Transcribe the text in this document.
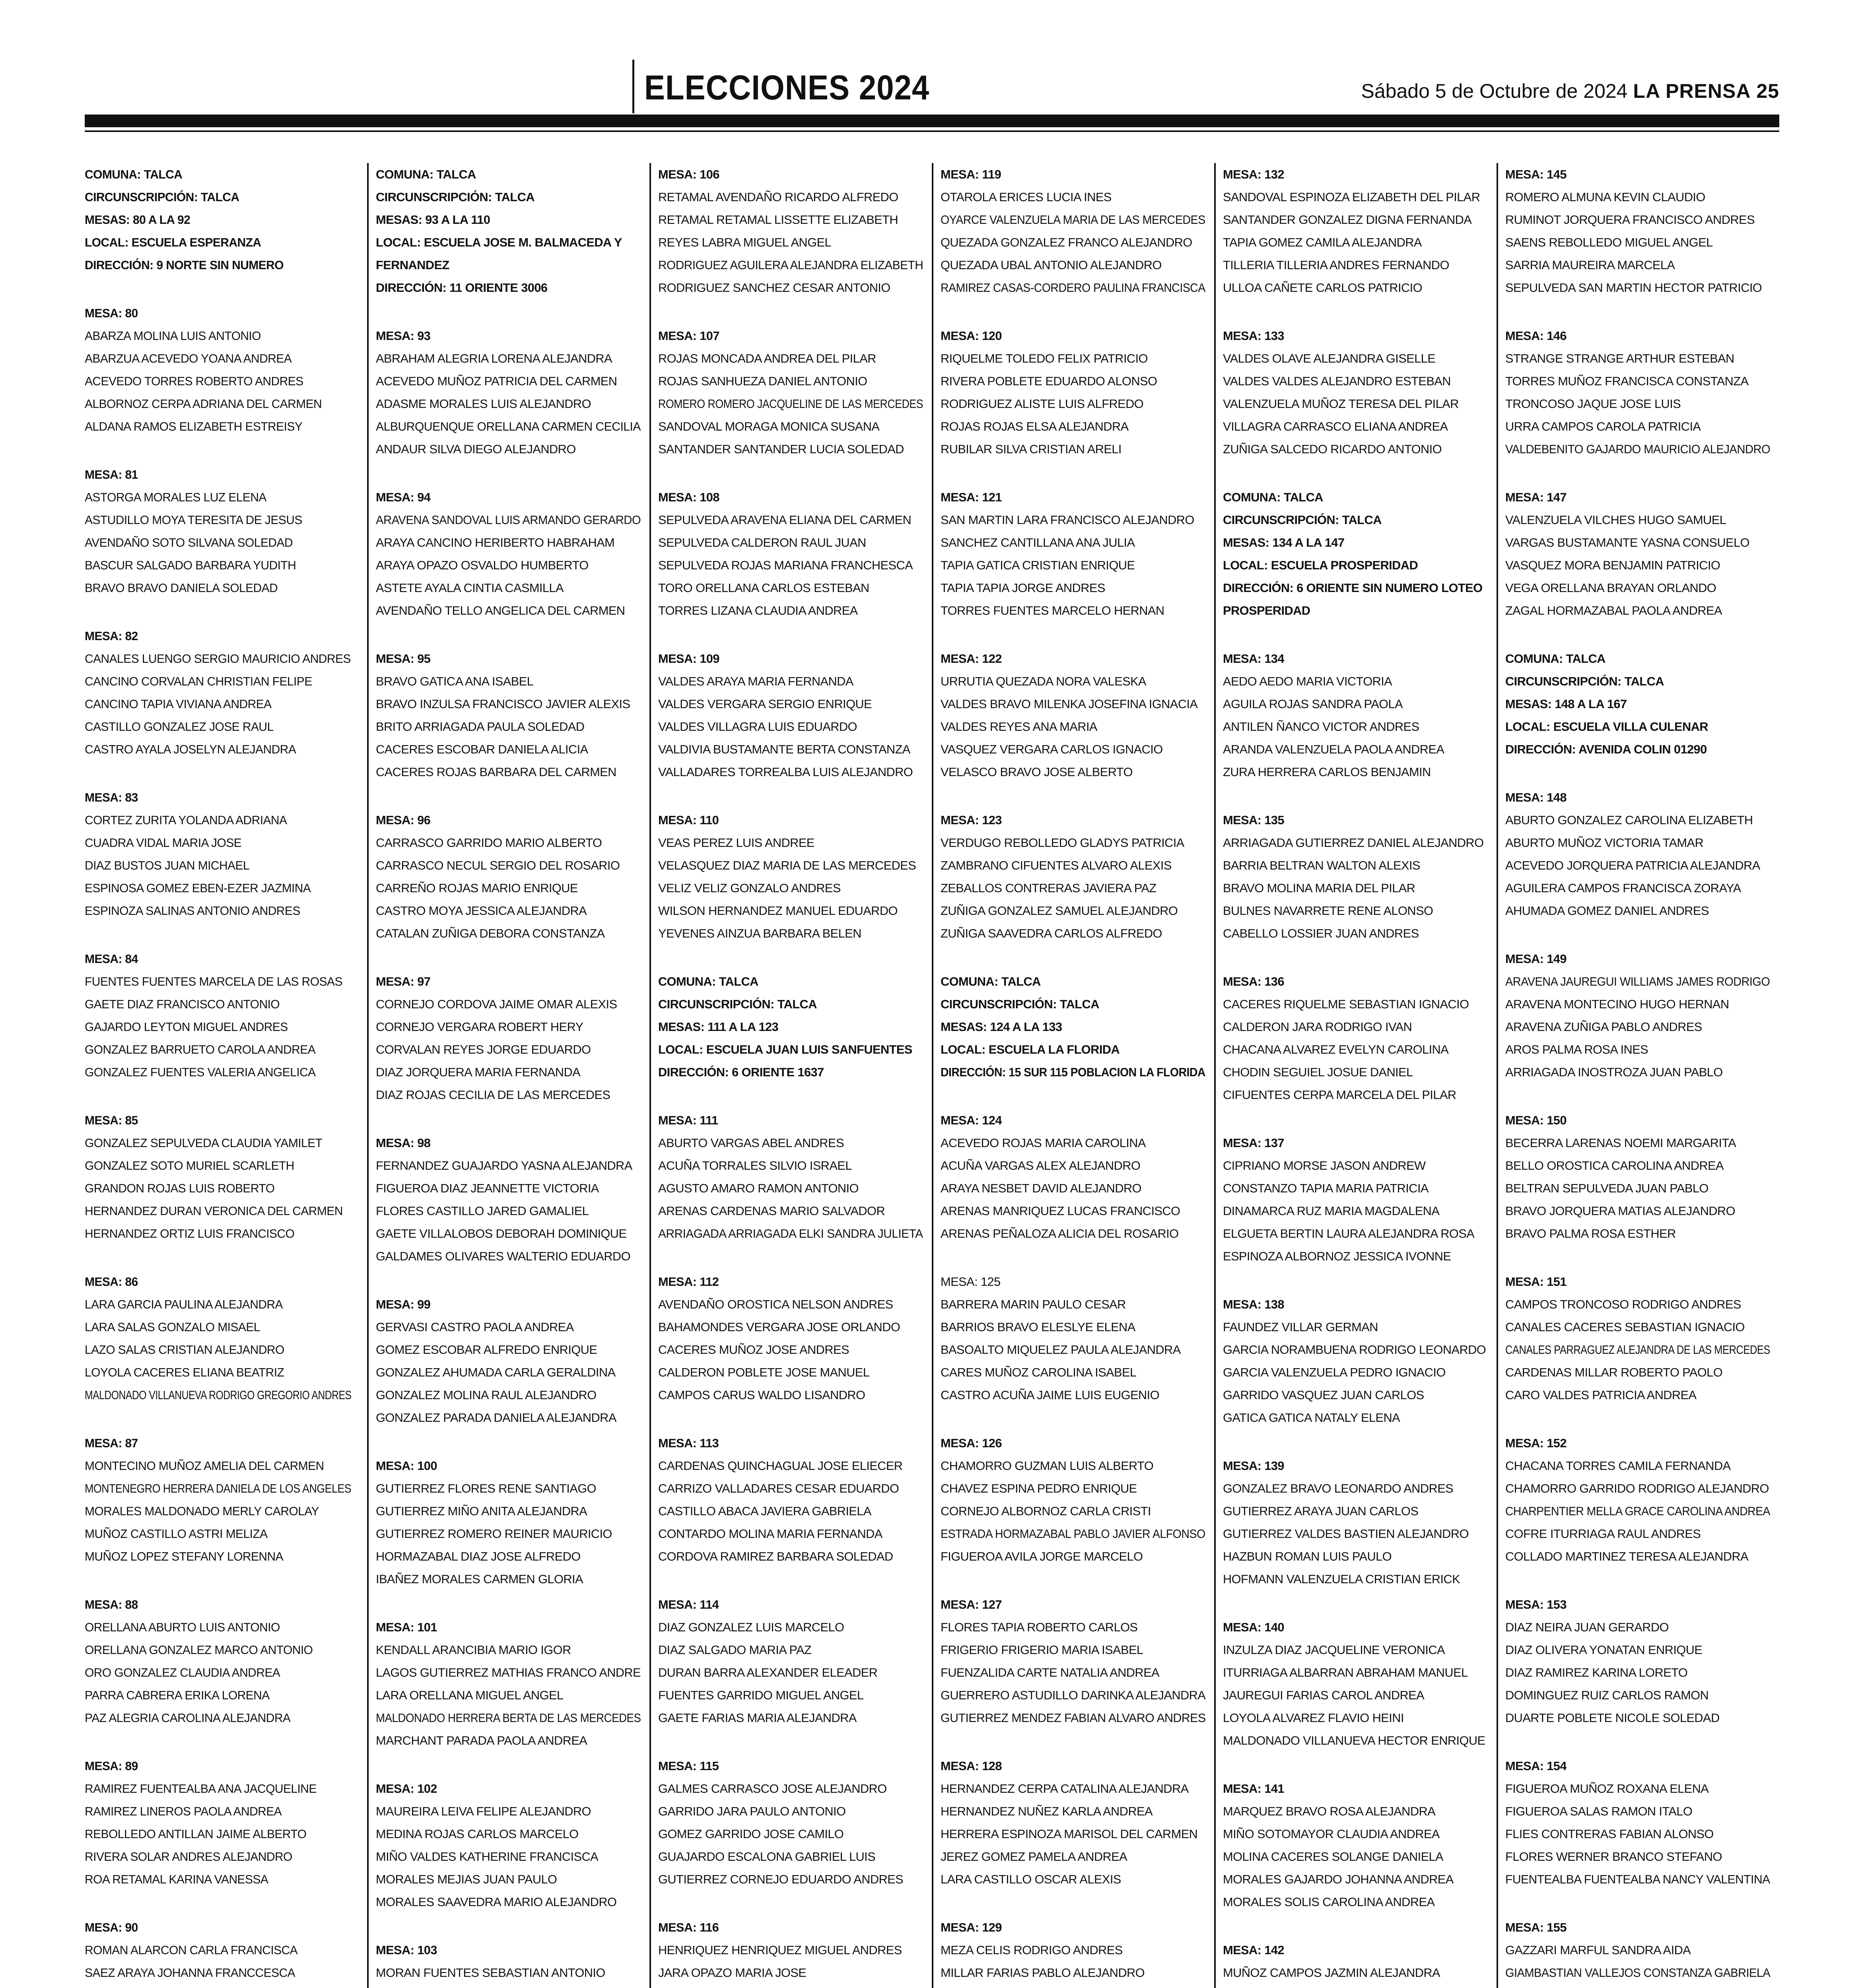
ELECCIONES 2024	Sábado 5 de Octubre de 2024 LA PRENSA 25
COMUNA: TALCA
CIRCUNSCRIPCIÓN: TALCA
MESAS: 80 A LA 92
LOCAL: ESCUELA ESPERANZA
DIRECCIÓN: 9 NORTE SIN NUMERO
MESA: 80
ABARZA MOLINA LUIS ANTONIO
ABARZUA ACEVEDO YOANA ANDREA
ACEVEDO TORRES ROBERTO ANDRES
ALBORNOZ CERPA ADRIANA DEL CARMEN
ALDANA RAMOS ELIZABETH ESTREISY
MESA: 81
ASTORGA MORALES LUZ ELENA
ASTUDILLO MOYA TERESITA DE JESUS
AVENDAÑO SOTO SILVANA SOLEDAD
BASCUR SALGADO BARBARA YUDITH
BRAVO BRAVO DANIELA SOLEDAD
MESA: 82
CANALES LUENGO SERGIO MAURICIO ANDRES
CANCINO CORVALAN CHRISTIAN FELIPE
CANCINO TAPIA VIVIANA ANDREA
CASTILLO GONZALEZ JOSE RAUL
CASTRO AYALA JOSELYN ALEJANDRA
MESA: 83
CORTEZ ZURITA YOLANDA ADRIANA
CUADRA VIDAL MARIA JOSE
DIAZ BUSTOS JUAN MICHAEL
ESPINOSA GOMEZ EBEN-EZER JAZMINA
ESPINOZA SALINAS ANTONIO ANDRES
MESA: 84
FUENTES FUENTES MARCELA DE LAS ROSAS
GAETE DIAZ FRANCISCO ANTONIO
GAJARDO LEYTON MIGUEL ANDRES
GONZALEZ BARRUETO CAROLA ANDREA
GONZALEZ FUENTES VALERIA ANGELICA
MESA: 85
GONZALEZ SEPULVEDA CLAUDIA YAMILET
GONZALEZ SOTO MURIEL SCARLETH
GRANDON ROJAS LUIS ROBERTO
HERNANDEZ DURAN VERONICA DEL CARMEN
HERNANDEZ ORTIZ LUIS FRANCISCO
MESA: 86
LARA GARCIA PAULINA ALEJANDRA
LARA SALAS GONZALO MISAEL
LAZO SALAS CRISTIAN ALEJANDRO
LOYOLA CACERES ELIANA BEATRIZ
MALDONADO VILLANUEVA RODRIGO GREGORIO ANDRES
MESA: 87
MONTECINO MUÑOZ AMELIA DEL CARMEN
MONTENEGRO HERRERA DANIELA DE LOS ANGELES
MORALES MALDONADO MERLY CAROLAY
MUÑOZ CASTILLO ASTRI MELIZA
MUÑOZ LOPEZ STEFANY LORENNA
MESA: 88
ORELLANA ABURTO LUIS ANTONIO
ORELLANA GONZALEZ MARCO ANTONIO
ORO GONZALEZ CLAUDIA ANDREA
PARRA CABRERA ERIKA LORENA
PAZ ALEGRIA CAROLINA ALEJANDRA
MESA: 89
RAMIREZ FUENTEALBA ANA JACQUELINE
RAMIREZ LINEROS PAOLA ANDREA
REBOLLEDO ANTILLAN JAIME ALBERTO
RIVERA SOLAR ANDRES ALEJANDRO
ROA RETAMAL KARINA VANESSA
MESA: 90
ROMAN ALARCON CARLA FRANCISCA
SAEZ ARAYA JOHANNA FRANCCESCA
COMUNA: TALCA
CIRCUNSCRIPCIÓN: TALCA
MESAS: 93 A LA 110
LOCAL: ESCUELA JOSE M. BALMACEDA Y
FERNANDEZ
DIRECCIÓN: 11 ORIENTE 3006
MESA: 93
ABRAHAM ALEGRIA LORENA ALEJANDRA
ACEVEDO MUÑOZ PATRICIA DEL CARMEN
ADASME MORALES LUIS ALEJANDRO
ALBURQUENQUE ORELLANA CARMEN CECILIA
ANDAUR SILVA DIEGO ALEJANDRO
MESA: 94
ARAVENA SANDOVAL LUIS ARMANDO GERARDO
ARAYA CANCINO HERIBERTO HABRAHAM
ARAYA OPAZO OSVALDO HUMBERTO
ASTETE AYALA CINTIA CASMILLA
AVENDAÑO TELLO ANGELICA DEL CARMEN
MESA: 95
BRAVO GATICA ANA ISABEL
BRAVO INZULSA FRANCISCO JAVIER ALEXIS
BRITO ARRIAGADA PAULA SOLEDAD
CACERES ESCOBAR DANIELA ALICIA
CACERES ROJAS BARBARA DEL CARMEN
MESA: 96
CARRASCO GARRIDO MARIO ALBERTO
CARRASCO NECUL SERGIO DEL ROSARIO
CARREÑO ROJAS MARIO ENRIQUE
CASTRO MOYA JESSICA ALEJANDRA
CATALAN ZUÑIGA DEBORA CONSTANZA
MESA: 97
CORNEJO CORDOVA JAIME OMAR ALEXIS
CORNEJO VERGARA ROBERT HERY
CORVALAN REYES JORGE EDUARDO
DIAZ JORQUERA MARIA FERNANDA
DIAZ ROJAS CECILIA DE LAS MERCEDES
MESA: 98
FERNANDEZ GUAJARDO YASNA ALEJANDRA
FIGUEROA DIAZ JEANNETTE VICTORIA
FLORES CASTILLO JARED GAMALIEL
GAETE VILLALOBOS DEBORAH DOMINIQUE
GALDAMES OLIVARES WALTERIO EDUARDO
MESA: 99
GERVASI CASTRO PAOLA ANDREA
GOMEZ ESCOBAR ALFREDO ENRIQUE
GONZALEZ AHUMADA CARLA GERALDINA
GONZALEZ MOLINA RAUL ALEJANDRO
GONZALEZ PARADA DANIELA ALEJANDRA
MESA: 100
GUTIERREZ FLORES RENE SANTIAGO
GUTIERREZ MIÑO ANITA ALEJANDRA
GUTIERREZ ROMERO REINER MAURICIO
HORMAZABAL DIAZ JOSE ALFREDO
IBAÑEZ MORALES CARMEN GLORIA
MESA: 101
KENDALL ARANCIBIA MARIO IGOR
LAGOS GUTIERREZ MATHIAS FRANCO ANDRE
LARA ORELLANA MIGUEL ANGEL
MALDONADO HERRERA BERTA DE LAS MERCEDES
MARCHANT PARADA PAOLA ANDREA
MESA: 102
MAUREIRA LEIVA FELIPE ALEJANDRO
MEDINA ROJAS CARLOS MARCELO
MIÑO VALDES KATHERINE FRANCISCA
MORALES MEJIAS JUAN PAULO
MORALES SAAVEDRA MARIO ALEJANDRO
MESA: 103
MORAN FUENTES SEBASTIAN ANTONIO
MESA: 106
RETAMAL AVENDAÑO RICARDO ALFREDO
RETAMAL RETAMAL LISSETTE ELIZABETH
REYES LABRA MIGUEL ANGEL
RODRIGUEZ AGUILERA ALEJANDRA ELIZABETH
RODRIGUEZ SANCHEZ CESAR ANTONIO
MESA: 107
ROJAS MONCADA ANDREA DEL PILAR
ROJAS SANHUEZA DANIEL ANTONIO
ROMERO ROMERO JACQUELINE DE LAS MERCEDES
SANDOVAL MORAGA MONICA SUSANA
SANTANDER SANTANDER LUCIA SOLEDAD
MESA: 108
SEPULVEDA ARAVENA ELIANA DEL CARMEN
SEPULVEDA CALDERON RAUL JUAN
SEPULVEDA ROJAS MARIANA FRANCHESCA
TORO ORELLANA CARLOS ESTEBAN
TORRES LIZANA CLAUDIA ANDREA
MESA: 109
VALDES ARAYA MARIA FERNANDA
VALDES VERGARA SERGIO ENRIQUE
VALDES VILLAGRA LUIS EDUARDO
VALDIVIA BUSTAMANTE BERTA CONSTANZA
VALLADARES TORREALBA LUIS ALEJANDRO
MESA: 110
VEAS PEREZ LUIS ANDREE
VELASQUEZ DIAZ MARIA DE LAS MERCEDES
VELIZ VELIZ GONZALO ANDRES
WILSON HERNANDEZ MANUEL EDUARDO
YEVENES AINZUA BARBARA BELEN
COMUNA: TALCA
CIRCUNSCRIPCIÓN: TALCA
MESAS: 111 A LA 123
LOCAL: ESCUELA JUAN LUIS SANFUENTES
DIRECCIÓN: 6 ORIENTE 1637
MESA: 111
ABURTO VARGAS ABEL ANDRES
ACUÑA TORRALES SILVIO ISRAEL
AGUSTO AMARO RAMON ANTONIO
ARENAS CARDENAS MARIO SALVADOR
ARRIAGADA ARRIAGADA ELKI SANDRA JULIETA
MESA: 112
AVENDAÑO OROSTICA NELSON ANDRES
BAHAMONDES VERGARA JOSE ORLANDO
CACERES MUÑOZ JOSE ANDRES
CALDERON POBLETE JOSE MANUEL
CAMPOS CARUS WALDO LISANDRO
MESA: 113
CARDENAS QUINCHAGUAL JOSE ELIECER
CARRIZO VALLADARES CESAR EDUARDO
CASTILLO ABACA JAVIERA GABRIELA
CONTARDO MOLINA MARIA FERNANDA
CORDOVA RAMIREZ BARBARA SOLEDAD
MESA: 114
DIAZ GONZALEZ LUIS MARCELO
DIAZ SALGADO MARIA PAZ
DURAN BARRA ALEXANDER ELEADER
FUENTES GARRIDO MIGUEL ANGEL
GAETE FARIAS MARIA ALEJANDRA
MESA: 115
GALMES CARRASCO JOSE ALEJANDRO
GARRIDO JARA PAULO ANTONIO
GOMEZ GARRIDO JOSE CAMILO
GUAJARDO ESCALONA GABRIEL LUIS
GUTIERREZ CORNEJO EDUARDO ANDRES
MESA: 116
HENRIQUEZ HENRIQUEZ MIGUEL ANDRES
JARA OPAZO MARIA JOSE
MESA: 119
OTAROLA ERICES LUCIA INES
OYARCE VALENZUELA MARIA DE LAS MERCEDES
QUEZADA GONZALEZ FRANCO ALEJANDRO
QUEZADA UBAL ANTONIO ALEJANDRO
RAMIREZ CASAS-CORDERO PAULINA FRANCISCA
MESA: 120
RIQUELME TOLEDO FELIX PATRICIO
RIVERA POBLETE EDUARDO ALONSO
RODRIGUEZ ALISTE LUIS ALFREDO
ROJAS ROJAS ELSA ALEJANDRA
RUBILAR SILVA CRISTIAN ARELI
MESA: 121
SAN MARTIN LARA FRANCISCO ALEJANDRO
SANCHEZ CANTILLANA ANA JULIA
TAPIA GATICA CRISTIAN ENRIQUE
TAPIA TAPIA JORGE ANDRES
TORRES FUENTES MARCELO HERNAN
MESA: 122
URRUTIA QUEZADA NORA VALESKA
VALDES BRAVO MILENKA JOSEFINA IGNACIA
VALDES REYES ANA MARIA
VASQUEZ VERGARA CARLOS IGNACIO
VELASCO BRAVO JOSE ALBERTO
MESA: 123
VERDUGO REBOLLEDO GLADYS PATRICIA
ZAMBRANO CIFUENTES ALVARO ALEXIS
ZEBALLOS CONTRERAS JAVIERA PAZ
ZUÑIGA GONZALEZ SAMUEL ALEJANDRO
ZUÑIGA SAAVEDRA CARLOS ALFREDO
COMUNA: TALCA
CIRCUNSCRIPCIÓN: TALCA
MESAS: 124 A LA 133
LOCAL: ESCUELA LA FLORIDA
DIRECCIÓN: 15 SUR 115 POBLACION LA FLORIDA
MESA: 124
ACEVEDO ROJAS MARIA CAROLINA
ACUÑA VARGAS ALEX ALEJANDRO
ARAYA NESBET DAVID ALEJANDRO
ARENAS MANRIQUEZ LUCAS FRANCISCO
ARENAS PEÑALOZA ALICIA DEL ROSARIO
MESA: 125
BARRERA MARIN PAULO CESAR
BARRIOS BRAVO ELESLYE ELENA
BASOALTO MIQUELEZ PAULA ALEJANDRA
CARES MUÑOZ CAROLINA ISABEL
CASTRO ACUÑA JAIME LUIS EUGENIO
MESA: 126
CHAMORRO GUZMAN LUIS ALBERTO
CHAVEZ ESPINA PEDRO ENRIQUE
CORNEJO ALBORNOZ CARLA CRISTI
ESTRADA HORMAZABAL PABLO JAVIER ALFONSO
FIGUEROA AVILA JORGE MARCELO
MESA: 127
FLORES TAPIA ROBERTO CARLOS
FRIGERIO FRIGERIO MARIA ISABEL
FUENZALIDA CARTE NATALIA ANDREA
GUERRERO ASTUDILLO DARINKA ALEJANDRA
GUTIERREZ MENDEZ FABIAN ALVARO ANDRES
MESA: 128
HERNANDEZ CERPA CATALINA ALEJANDRA
HERNANDEZ NUÑEZ KARLA ANDREA
HERRERA ESPINOZA MARISOL DEL CARMEN
JEREZ GOMEZ PAMELA ANDREA
LARA CASTILLO OSCAR ALEXIS
MESA: 129
MEZA CELIS RODRIGO ANDRES
MILLAR FARIAS PABLO ALEJANDRO
MESA: 132
SANDOVAL ESPINOZA ELIZABETH DEL PILAR
SANTANDER GONZALEZ DIGNA FERNANDA
TAPIA GOMEZ CAMILA ALEJANDRA
TILLERIA TILLERIA ANDRES FERNANDO
ULLOA CAÑETE CARLOS PATRICIO
MESA: 133
VALDES OLAVE ALEJANDRA GISELLE
VALDES VALDES ALEJANDRO ESTEBAN
VALENZUELA MUÑOZ TERESA DEL PILAR
VILLAGRA CARRASCO ELIANA ANDREA
ZUÑIGA SALCEDO RICARDO ANTONIO
COMUNA: TALCA
CIRCUNSCRIPCIÓN: TALCA
MESAS: 134 A LA 147
LOCAL: ESCUELA PROSPERIDAD
DIRECCIÓN: 6 ORIENTE SIN NUMERO LOTEO
PROSPERIDAD
MESA: 134
AEDO AEDO MARIA VICTORIA
AGUILA ROJAS SANDRA PAOLA
ANTILEN ÑANCO VICTOR ANDRES
ARANDA VALENZUELA PAOLA ANDREA
ZURA HERRERA CARLOS BENJAMIN
MESA: 135
ARRIAGADA GUTIERREZ DANIEL ALEJANDRO
BARRIA BELTRAN WALTON ALEXIS
BRAVO MOLINA MARIA DEL PILAR
BULNES NAVARRETE RENE ALONSO
CABELLO LOSSIER JUAN ANDRES
MESA: 136
CACERES RIQUELME SEBASTIAN IGNACIO
CALDERON JARA RODRIGO IVAN
CHACANA ALVAREZ EVELYN CAROLINA
CHODIN SEGUIEL JOSUE DANIEL
CIFUENTES CERPA MARCELA DEL PILAR
MESA: 137
CIPRIANO MORSE JASON ANDREW
CONSTANZO TAPIA MARIA PATRICIA
DINAMARCA RUZ MARIA MAGDALENA
ELGUETA BERTIN LAURA ALEJANDRA ROSA
ESPINOZA ALBORNOZ JESSICA IVONNE
MESA: 138
FAUNDEZ VILLAR GERMAN
GARCIA NORAMBUENA RODRIGO LEONARDO
GARCIA VALENZUELA PEDRO IGNACIO
GARRIDO VASQUEZ JUAN CARLOS
GATICA GATICA NATALY ELENA
MESA: 139
GONZALEZ BRAVO LEONARDO ANDRES
GUTIERREZ ARAYA JUAN CARLOS
GUTIERREZ VALDES BASTIEN ALEJANDRO
HAZBUN ROMAN LUIS PAULO
HOFMANN VALENZUELA CRISTIAN ERICK
MESA: 140
INZULZA DIAZ JACQUELINE VERONICA
ITURRIAGA ALBARRAN ABRAHAM MANUEL
JAUREGUI FARIAS CAROL ANDREA
LOYOLA ALVAREZ FLAVIO HEINI
MALDONADO VILLANUEVA HECTOR ENRIQUE
MESA: 141
MARQUEZ BRAVO ROSA ALEJANDRA
MIÑO SOTOMAYOR CLAUDIA ANDREA
MOLINA CACERES SOLANGE DANIELA
MORALES GAJARDO JOHANNA ANDREA
MORALES SOLIS CAROLINA ANDREA
MESA: 142
MUÑOZ CAMPOS JAZMIN ALEJANDRA
MESA: 145
ROMERO ALMUNA KEVIN CLAUDIO
RUMINOT JORQUERA FRANCISCO ANDRES
SAENS REBOLLEDO MIGUEL ANGEL
SARRIA MAUREIRA MARCELA
SEPULVEDA SAN MARTIN HECTOR PATRICIO
MESA: 146
STRANGE STRANGE ARTHUR ESTEBAN
TORRES MUÑOZ FRANCISCA CONSTANZA
TRONCOSO JAQUE JOSE LUIS
URRA CAMPOS CAROLA PATRICIA
VALDEBENITO GAJARDO MAURICIO ALEJANDRO
MESA: 147
VALENZUELA VILCHES HUGO SAMUEL
VARGAS BUSTAMANTE YASNA CONSUELO
VASQUEZ MORA BENJAMIN PATRICIO
VEGA ORELLANA BRAYAN ORLANDO
ZAGAL HORMAZABAL PAOLA ANDREA
COMUNA: TALCA
CIRCUNSCRIPCIÓN: TALCA
MESAS: 148 A LA 167
LOCAL: ESCUELA VILLA CULENAR
DIRECCIÓN: AVENIDA COLIN 01290
MESA: 148
ABURTO GONZALEZ CAROLINA ELIZABETH
ABURTO MUÑOZ VICTORIA TAMAR
ACEVEDO JORQUERA PATRICIA ALEJANDRA
AGUILERA CAMPOS FRANCISCA ZORAYA
AHUMADA GOMEZ DANIEL ANDRES
MESA: 149
ARAVENA JAUREGUI WILLIAMS JAMES RODRIGO
ARAVENA MONTECINO HUGO HERNAN
ARAVENA ZUÑIGA PABLO ANDRES
AROS PALMA ROSA INES
ARRIAGADA INOSTROZA JUAN PABLO
MESA: 150
BECERRA LARENAS NOEMI MARGARITA
BELLO OROSTICA CAROLINA ANDREA
BELTRAN SEPULVEDA JUAN PABLO
BRAVO JORQUERA MATIAS ALEJANDRO
BRAVO PALMA ROSA ESTHER
MESA: 151
CAMPOS TRONCOSO RODRIGO ANDRES
CANALES CACERES SEBASTIAN IGNACIO
CANALES PARRAGUEZ ALEJANDRA DE LAS MERCEDES
CARDENAS MILLAR ROBERTO PAOLO
CARO VALDES PATRICIA ANDREA
MESA: 152
CHACANA TORRES CAMILA FERNANDA
CHAMORRO GARRIDO RODRIGO ALEJANDRO
CHARPENTIER MELLA GRACE CAROLINA ANDREA
COFRE ITURRIAGA RAUL ANDRES
COLLADO MARTINEZ TERESA ALEJANDRA
MESA: 153
DIAZ NEIRA JUAN GERARDO
DIAZ OLIVERA YONATAN ENRIQUE
DIAZ RAMIREZ KARINA LORETO
DOMINGUEZ RUIZ CARLOS RAMON
DUARTE POBLETE NICOLE SOLEDAD
MESA: 154
FIGUEROA MUÑOZ ROXANA ELENA
FIGUEROA SALAS RAMON ITALO
FLIES CONTRERAS FABIAN ALONSO
FLORES WERNER BRANCO STEFANO
FUENTEALBA FUENTEALBA NANCY VALENTINA
MESA: 155
GAZZARI MARFUL SANDRA AIDA
GIAMBASTIAN VALLEJOS CONSTANZA GABRIELA
